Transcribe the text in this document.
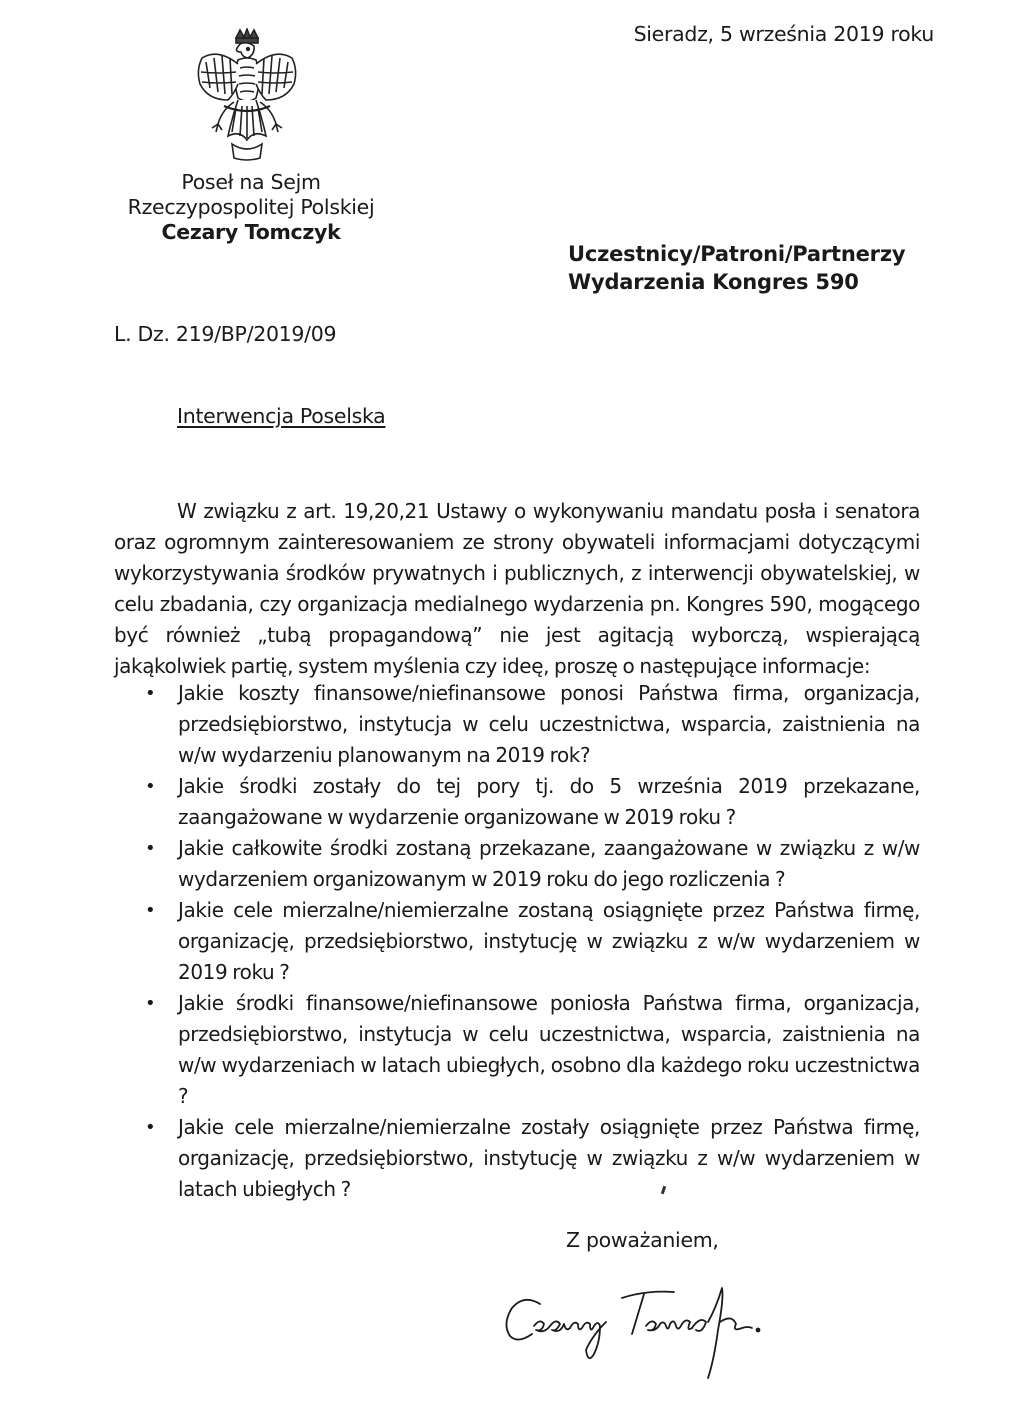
Sieradz, 5 września 2019 roku
Poseł na Sejm
Rzeczypospolitej Polskiej
Cezary Tomczyk
Uczestnicy/Patroni/Partnerzy
Wydarzenia Kongres 590
L. Dz. 219/BP/2019/09
Interwencja Poselska

W związku z art. 19,20,21 Ustawy o wykonywaniu mandatu posła i senatora oraz ogromnym zainteresowaniem ze strony obywateli informacjami dotyczącymi wykorzystywania środków prywatnych i publicznych, z interwencji obywatelskiej, w celu zbadania, czy organizacja medialnego wydarzenia pn. Kongres 590, mogącego być również „tubą propagandową” nie jest agitacją wyborczą, wspierającą jakąkolwiek partię, system myślenia czy ideę, proszę o następujące informacje:

• Jakie koszty finansowe/niefinansowe ponosi Państwa firma, organizacja, przedsiębiorstwo, instytucja w celu uczestnictwa, wsparcia, zaistnienia na w/w wydarzeniu planowanym na 2019 rok?
• Jakie środki zostały do tej pory tj. do 5 września 2019 przekazane, zaangażowane w wydarzenie organizowane w 2019 roku ?
• Jakie całkowite środki zostaną przekazane, zaangażowane w związku z w/w wydarzeniem organizowanym w 2019 roku do jego rozliczenia ?
• Jakie cele mierzalne/niemierzalne zostaną osiągnięte przez Państwa firmę, organizację, przedsiębiorstwo, instytucję w związku z w/w wydarzeniem w 2019 roku ?
• Jakie środki finansowe/niefinansowe poniosła Państwa firma, organizacja, przedsiębiorstwo, instytucja w celu uczestnictwa, wsparcia, zaistnienia na w/w wydarzeniach w latach ubiegłych, osobno dla każdego roku uczestnictwa ?
• Jakie cele mierzalne/niemierzalne zostały osiągnięte przez Państwa firmę, organizację, przedsiębiorstwo, instytucję w związku z w/w wydarzeniem w latach ubiegłych ?
Z poważaniem,
